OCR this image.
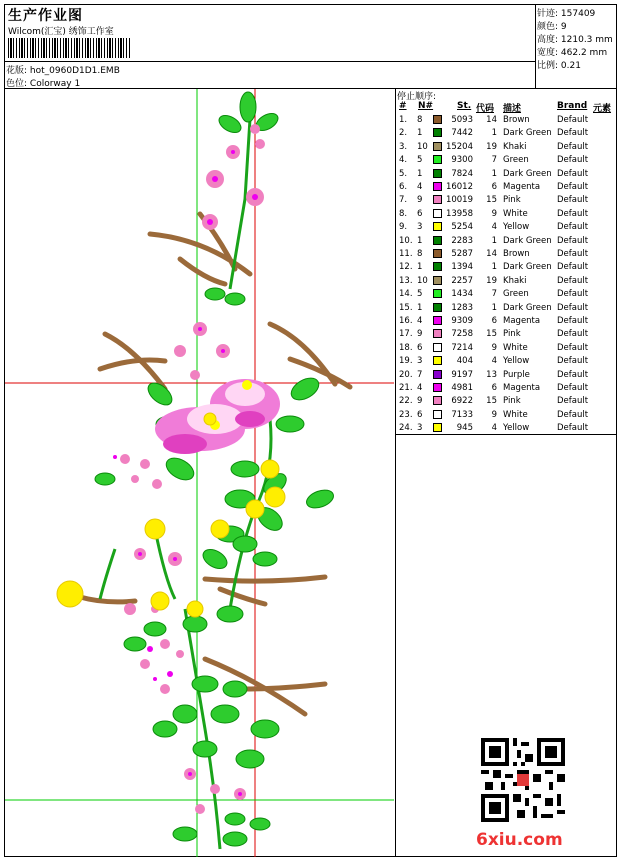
生产作业图
Wilcom(汇宝) 绣饰工作室
花版: hot_0960D1D1.EMB
色位: Colorway 1
针迹: 157409
颜色: 9
高度: 1210.3 mm
宽度: 462.2 mm
比例: 0.21
停止顺序:
# N#	St. 代码 描述	Brand 元素
1. 8	5093	14 Brown	Default
2. 1	7442	1 Dark Green Default
3. 10 15204	19 Khaki	Default
4. 5	9300	7 Green	Default
5. 1	7824	1 Dark Green Default
6. 4	16012	6 Magenta Default
7. 9	10019	15 Pink	Default
8. 6	13958	9 White	Default
9. 3	5254	4 Yellow	Default
10. 1	2283	1 Dark Green Default
11. 8	5287	14 Brown	Default
12. 1	1394	1 Dark Green Default
13. 10	2257	19 Khaki	Default
14. 5	1434	7 Green	Default
15. 1	1283	1 Dark Green Default
16. 4	9309	6 Magenta Default
17. 9	7258	15 Pink	Default
18. 6	7214	9 White	Default
19. 3	404	4 Yellow	Default
20. 7	9197	13 Purple	Default
21. 4	4981	6 Magenta Default
22. 9	6922	15 Pink	Default
23. 6	7133	9 White	Default
24. 3	945	4 Yellow	Default
6xiu.com
